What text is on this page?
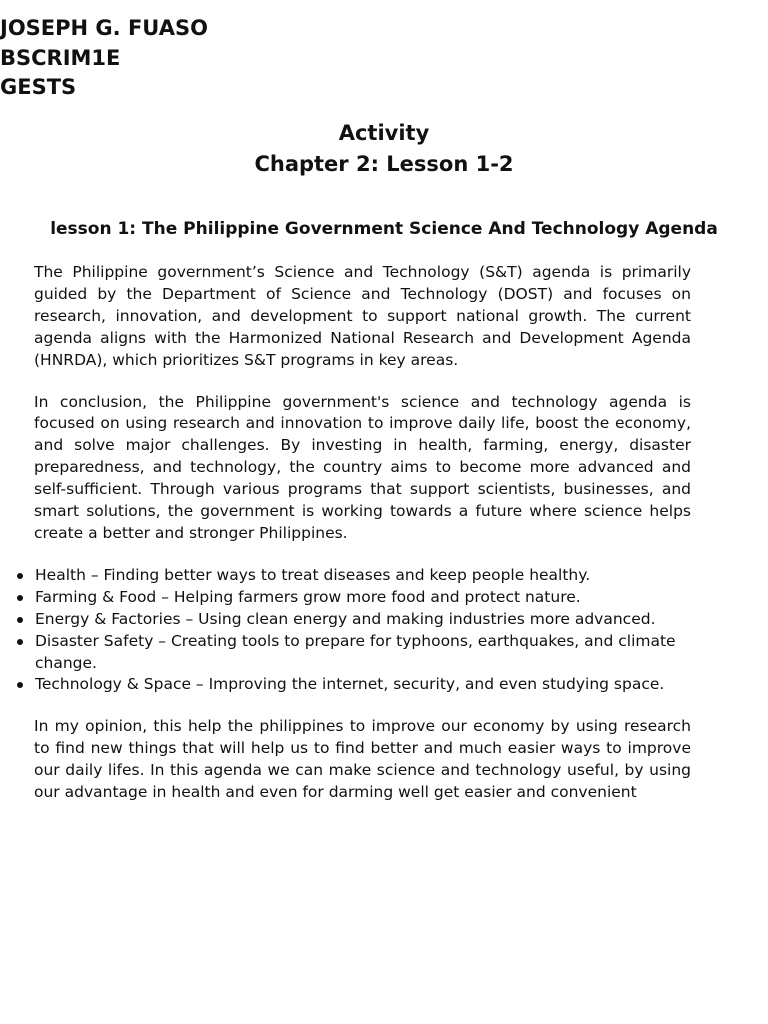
JOSEPH G. FUASO
BSCRIM1E
GESTS
Activity
Chapter 2: Lesson 1-2
lesson 1: The Philippine Government Science And Technology Agenda

The Philippine government’s Science and Technology (S&T) agenda is primarily guided by the Department of Science and Technology (DOST) and focuses on research, innovation, and development to support national growth. The current agenda aligns with the Harmonized National Research and Development Agenda (HNRDA), which prioritizes S&T programs in key areas.

In conclusion, the Philippine government's science and technology agenda is focused on using research and innovation to improve daily life, boost the economy, and solve major challenges. By investing in health, farming, energy, disaster preparedness, and technology, the country aims to become more advanced and self-sufficient. Through various programs that support scientists, businesses, and smart solutions, the government is working towards a future where science helps create a better and stronger Philippines.

Health – Finding better ways to treat diseases and keep people healthy.
Farming & Food – Helping farmers grow more food and protect nature.
Energy & Factories – Using clean energy and making industries more advanced.
Disaster Safety – Creating tools to prepare for typhoons, earthquakes, and climate change.
Technology & Space – Improving the internet, security, and even studying space.

In my opinion, this help the philippines to improve our economy by using research to find new things that will help us to find better and much easier ways to improve our daily lifes. In this agenda we can make science and technology useful, by using our advantage in health and even for darming well get easier and convenient
